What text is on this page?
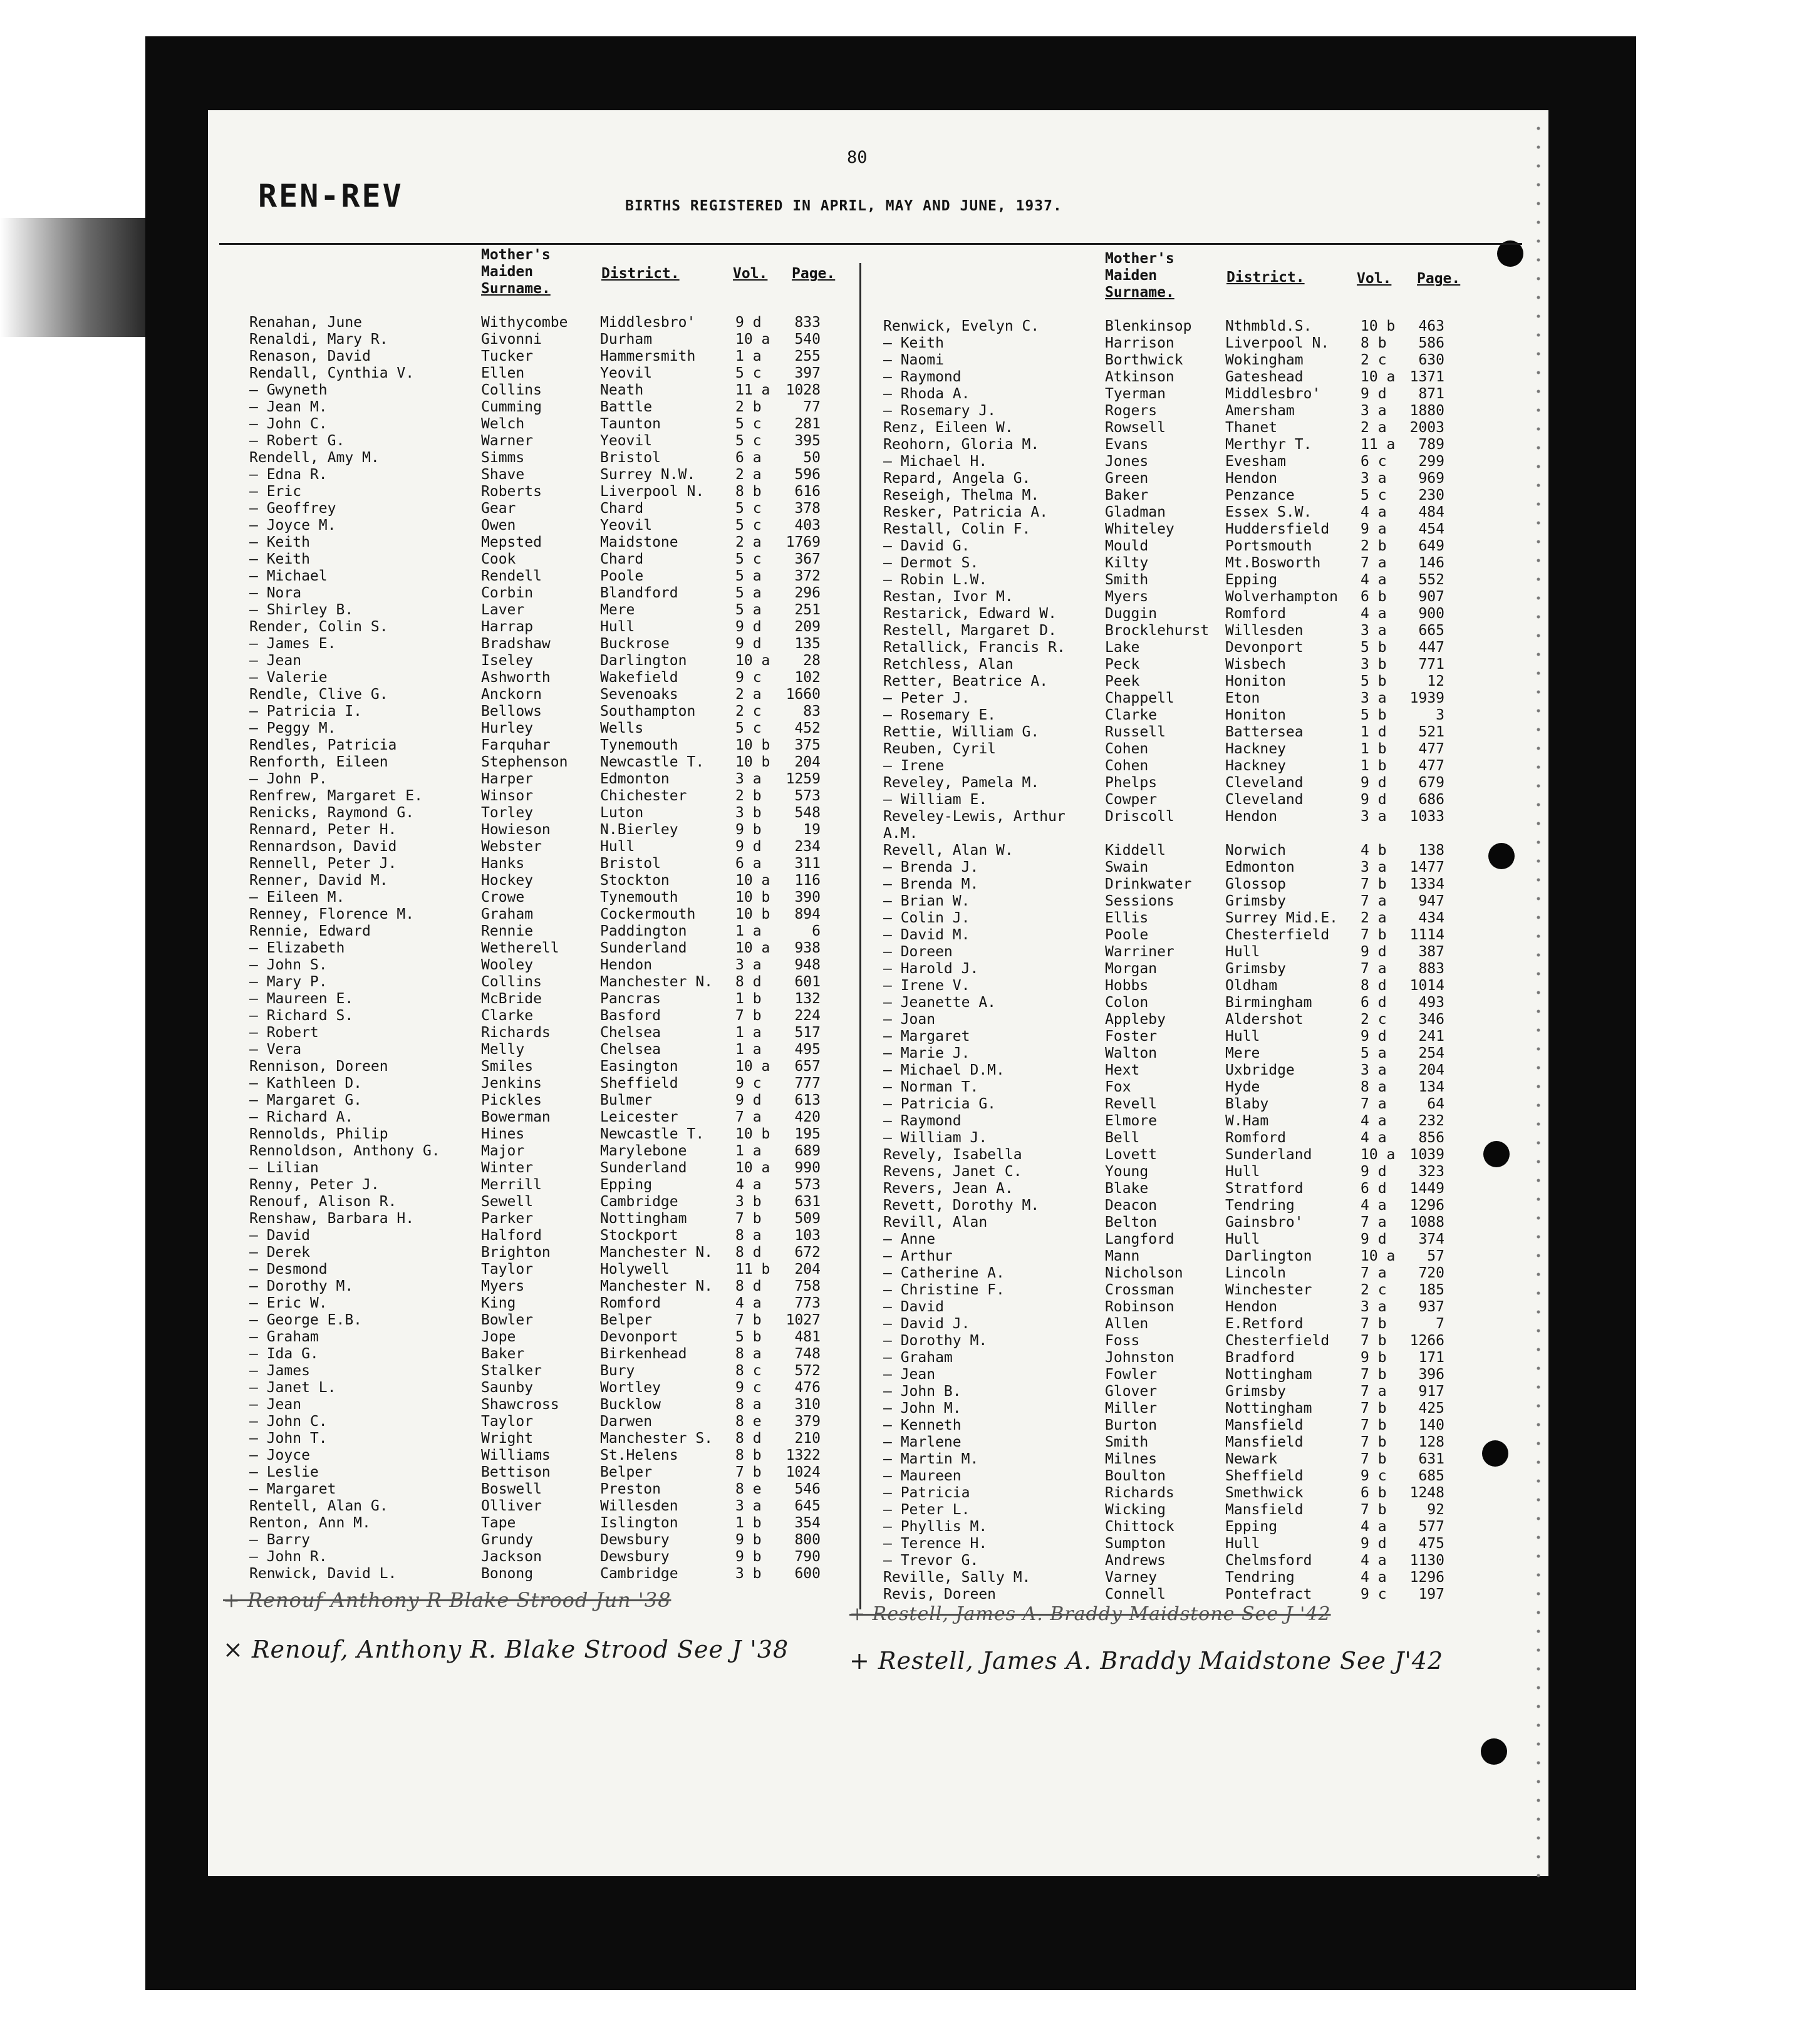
80
REN-REV	BIRTHS REGISTERED IN APRIL, MAY AND JUNE, 1937.
Mother's
Maiden
Surname.
District.	Vol. Page.
Renahan, June	Withycombe	Middlesbro'	9 d	833
Renaldi, Mary R.	Givonni	Durham	10 a	540
Renason, David	Tucker	Hammersmith	1 a	255
Rendall, Cynthia V.	Ellen	Yeovil	5 c	397
— Gwyneth	Collins	Neath	11 a	1028
— Jean M.	Cumming	Battle	2 b	77
— John C.	Welch	Taunton	5 c	281
— Robert G.	Warner	Yeovil	5 c	395
Rendell, Amy M.	Simms	Bristol	6 a	50
— Edna R.	Shave	Surrey N.W.	2 a	596
— Eric	Roberts	Liverpool N.	8 b	616
— Geoffrey	Gear	Chard	5 c	378
— Joyce M.	Owen	Yeovil	5 c	403
— Keith	Mepsted	Maidstone	2 a	1769
— Keith	Cook	Chard	5 c	367
— Michael	Rendell	Poole	5 a	372
— Nora	Corbin	Blandford	5 a	296
— Shirley B.	Laver	Mere	5 a	251
Render, Colin S.	Harrap	Hull	9 d	209
— James E.	Bradshaw	Buckrose	9 d	135
— Jean	Iseley	Darlington	10 a	28
— Valerie	Ashworth	Wakefield	9 c	102
Rendle, Clive G.	Anckorn	Sevenoaks	2 a	1660
— Patricia I.	Bellows	Southampton	2 c	83
— Peggy M.	Hurley	Wells	5 c	452
Rendles, Patricia	Farquhar	Tynemouth	10 b	375
Renforth, Eileen	Stephenson	Newcastle T.	10 b	204
— John P.	Harper	Edmonton	3 a	1259
Renfrew, Margaret E.	Winsor	Chichester	2 b	573
Renicks, Raymond G.	Torley	Luton	3 b	548
Rennard, Peter H.	Howieson	N.Bierley	9 b	19
Rennardson, David	Webster	Hull	9 d	234
Rennell, Peter J.	Hanks	Bristol	6 a	311
Renner, David M.	Hockey	Stockton	10 a	116
— Eileen M.	Crowe	Tynemouth	10 b	390
Renney, Florence M.	Graham	Cockermouth	10 b	894
Rennie, Edward	Rennie	Paddington	1 a	6
— Elizabeth	Wetherell	Sunderland	10 a	938
— John S.	Wooley	Hendon	3 a	948
— Mary P.	Collins	Manchester N.	8 d	601
— Maureen E.	McBride	Pancras	1 b	132
— Richard S.	Clarke	Basford	7 b	224
— Robert	Richards	Chelsea	1 a	517
— Vera	Melly	Chelsea	1 a	495
Rennison, Doreen	Smiles	Easington	10 a	657
— Kathleen D.	Jenkins	Sheffield	9 c	777
— Margaret G.	Pickles	Bulmer	9 d	613
— Richard A.	Bowerman	Leicester	7 a	420
Rennolds, Philip	Hines	Newcastle T.	10 b	195
Rennoldson, Anthony G.	Major	Marylebone	1 a	689
— Lilian	Winter	Sunderland	10 a	990
Renny, Peter J.	Merrill	Epping	4 a	573
Renouf, Alison R.	Sewell	Cambridge	3 b	631
Renshaw, Barbara H.	Parker	Nottingham	7 b	509
— David	Halford	Stockport	8 a	103
— Derek	Brighton	Manchester N.	8 d	672
— Desmond	Taylor	Holywell	11 b	204
— Dorothy M.	Myers	Manchester N.	8 d	758
— Eric W.	King	Romford	4 a	773
— George E.B.	Bowler	Belper	7 b	1027
— Graham	Jope	Devonport	5 b	481
— Ida G.	Baker	Birkenhead	8 a	748
— James	Stalker	Bury	8 c	572
— Janet L.	Saunby	Wortley	9 c	476
— Jean	Shawcross	Bucklow	8 a	310
— John C.	Taylor	Darwen	8 e	379
— John T.	Wright	Manchester S.	8 d	210
— Joyce	Williams	St.Helens	8 b	1322
— Leslie	Bettison	Belper	7 b	1024
— Margaret	Boswell	Preston	8 e	546
Rentell, Alan G.	Olliver	Willesden	3 a	645
Renton, Ann M.	Tape	Islington	1 b	354
— Barry	Grundy	Dewsbury	9 b	800
— John R.	Jackson	Dewsbury	9 b	790
Renwick, David L.	Bonong	Cambridge	3 b	600
Mother's
Maiden
Surname.
District.	Vol. Page.
Renwick, Evelyn C.	Blenkinsop	Nthmbld.S.	10 b	463
— Keith	Harrison	Liverpool N.	8 b	586
— Naomi	Borthwick	Wokingham	2 c	630
— Raymond	Atkinson	Gateshead	10 a	1371
— Rhoda A.	Tyerman	Middlesbro'	9 d	871
— Rosemary J.	Rogers	Amersham	3 a	1880
Renz, Eileen W.	Rowsell	Thanet	2 a	2003
Reohorn, Gloria M.	Evans	Merthyr T.	11 a	789
— Michael H.	Jones	Evesham	6 c	299
Repard, Angela G.	Green	Hendon	3 a	969
Reseigh, Thelma M.	Baker	Penzance	5 c	230
Resker, Patricia A.	Gladman	Essex S.W.	4 a	484
Restall, Colin F.	Whiteley	Huddersfield	9 a	454
— David G.	Mould	Portsmouth	2 b	649
— Dermot S.	Kilty	Mt.Bosworth	7 a	146
— Robin L.W.	Smith	Epping	4 a	552
Restan, Ivor M.	Myers	Wolverhampton	6 b	907
Restarick, Edward W.	Duggin	Romford	4 a	900
Restell, Margaret D.	Brocklehurst	Willesden	3 a	665
Retallick, Francis R.	Lake	Devonport	5 b	447
Retchless, Alan	Peck	Wisbech	3 b	771
Retter, Beatrice A.	Peek	Honiton	5 b	12
— Peter J.	Chappell	Eton	3 a	1939
— Rosemary E.	Clarke	Honiton	5 b	3
Rettie, William G.	Russell	Battersea	1 d	521
Reuben, Cyril	Cohen	Hackney	1 b	477
— Irene	Cohen	Hackney	1 b	477
Reveley, Pamela M.	Phelps	Cleveland	9 d	679
— William E.	Cowper	Cleveland	9 d	686
Reveley-Lewis, Arthur	Driscoll	Hendon	3 a	1033
A.M.
Revell, Alan W.	Kiddell	Norwich	4 b	138
— Brenda J.	Swain	Edmonton	3 a	1477
— Brenda M.	Drinkwater	Glossop	7 b	1334
— Brian W.	Sessions	Grimsby	7 a	947
— Colin J.	Ellis	Surrey Mid.E.	2 a	434
— David M.	Poole	Chesterfield	7 b	1114
— Doreen	Warriner	Hull	9 d	387
— Harold J.	Morgan	Grimsby	7 a	883
— Irene V.	Hobbs	Oldham	8 d	1014
— Jeanette A.	Colon	Birmingham	6 d	493
— Joan	Appleby	Aldershot	2 c	346
— Margaret	Foster	Hull	9 d	241
— Marie J.	Walton	Mere	5 a	254
— Michael D.M.	Hext	Uxbridge	3 a	204
— Norman T.	Fox	Hyde	8 a	134
— Patricia G.	Revell	Blaby	7 a	64
— Raymond	Elmore	W.Ham	4 a	232
— William J.	Bell	Romford	4 a	856
Revely, Isabella	Lovett	Sunderland	10 a	1039
Revens, Janet C.	Young	Hull	9 d	323
Revers, Jean A.	Blake	Stratford	6 d	1449
Revett, Dorothy M.	Deacon	Tendring	4 a	1296
Revill, Alan	Belton	Gainsbro'	7 a	1088
— Anne	Langford	Hull	9 d	374
— Arthur	Mann	Darlington	10 a	57
— Catherine A.	Nicholson	Lincoln	7 a	720
— Christine F.	Crossman	Winchester	2 c	185
— David	Robinson	Hendon	3 a	937
— David J.	Allen	E.Retford	7 b	7
— Dorothy M.	Foss	Chesterfield	7 b	1266
— Graham	Johnston	Bradford	9 b	171
— Jean	Fowler	Nottingham	7 b	396
— John B.	Glover	Grimsby	7 a	917
— John M.	Miller	Nottingham	7 b	425
— Kenneth	Burton	Mansfield	7 b	140
— Marlene	Smith	Mansfield	7 b	128
— Martin M.	Milnes	Newark	7 b	631
— Maureen	Boulton	Sheffield	9 c	685
— Patricia	Richards	Smethwick	6 b	1248
— Peter L.	Wicking	Mansfield	7 b	92
— Phyllis M.	Chittock	Epping	4 a	577
— Terence H.	Sumpton	Hull	9 d	475
— Trevor G.	Andrews	Chelmsford	4 a	1130
Reville, Sally M.	Varney	Tendring	4 a	1296
Revis, Doreen	Connell	Pontefract	9 c	197
+ Renouf Anthony R Blake Strood Jun '38
× Renouf, Anthony R. Blake Strood See J '38
+ Restell, James A. Braddy Maidstone See J '42
+ Restell, James A. Braddy Maidstone See J'42
